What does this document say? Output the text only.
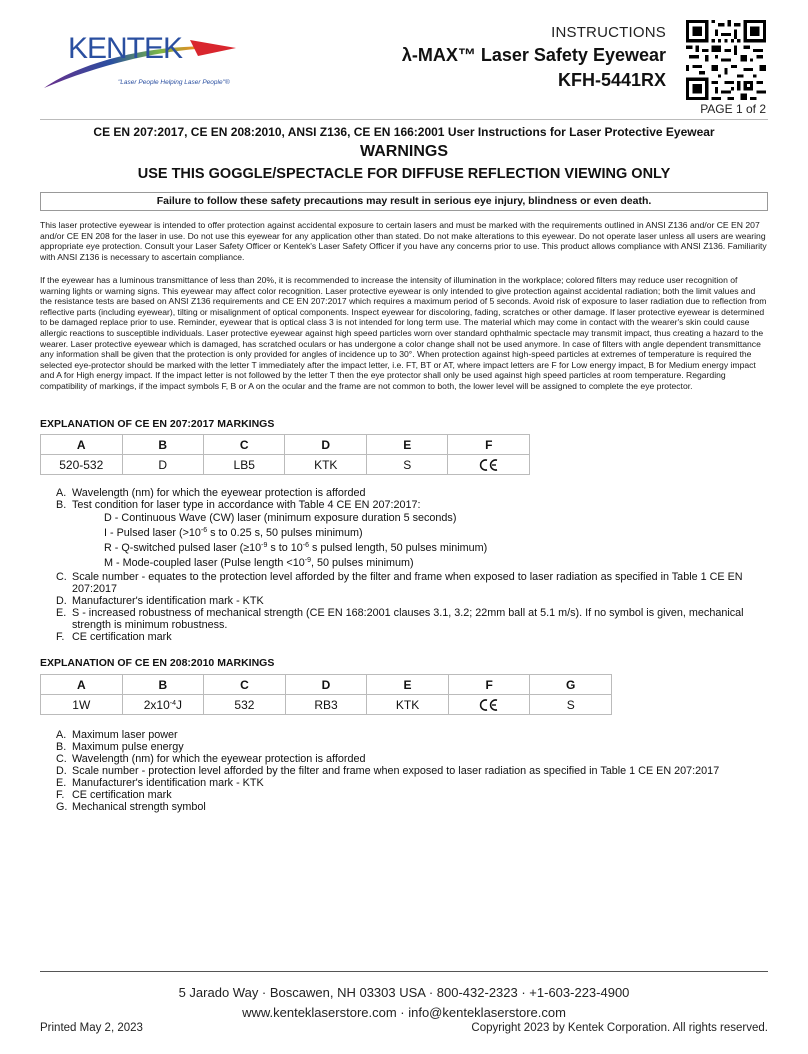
KENTEK
"Laser People Helping Laser People"®
INSTRUCTIONS
λ-MAX™ Laser Safety Eyewear
KFH-5441RX
PAGE 1 of 2
CE EN 207:2017, CE EN 208:2010, ANSI Z136, CE EN 166:2001 User Instructions for Laser Protective Eyewear
WARNINGS
USE THIS GOGGLE/SPECTACLE FOR DIFFUSE REFLECTION VIEWING ONLY
Failure to follow these safety precautions may result in serious eye injury, blindness or even death.
This laser protective eyewear is intended to offer protection against accidental exposure to certain lasers and must be marked with the requirements outlined in ANSI Z136 and/or CE EN 207 and/or CE EN 208 for the laser in use. Do not use this eyewear for any application other than stated. Do not make alterations to this eyewear. Do not operate laser unless all users are wearing appropriate eye protection. Consult your Laser Safety Officer or Kentek's Laser Safety Officer if you have any concerns prior to use. This product allows compliance with ANSI Z136. Familiarity with ANSI Z136 is necessary to ascertain compliance.
If the eyewear has a luminous transmittance of less than 20%, it is recommended to increase the intensity of illumination in the workplace; colored filters may reduce user recognition of warning lights or warning signs. This eyewear may affect color recognition. Laser protective eyewear is only intended to give protection against accidental radiation; both the limit values and the resistance tests are based on ANSI Z136 requirements and CE EN 207:2017 which requires a maximum period of 5 seconds. Avoid risk of exposure to laser radiation due to reflection from reflective parts (including eyewear), tilting or misalignment of optical components. Inspect eyewear for discoloring, fading, scratches or other damage. If laser protective eyewear is determined to be damaged replace prior to use. Reminder, eyewear that is optical class 3 is not intended for long term use. The material which may come in contact with the wearer's skin could cause allergic reactions to susceptible individuals. Laser protective eyewear against high speed particles worn over standard ophthalmic spectacle may transmit impact, thus creating a hazard to the wearer. Laser protective eyewear which is damaged, has scratched oculars or has undergone a color change shall not be used anymore. In case of filters with angle dependent transmittance any information shall be given that the protection is only provided for angles of incidence up to 30°. When protection against high-speed particles at extremes of temperature is required the selected eye-protector should be marked with the letter T immediately after the impact letter, i.e. FT, BT or AT, where impact letters are F for Low energy impact, B for Medium energy impact and A for High energy impact. If the impact letter is not followed by the letter T then the eye protector shall only be used against high speed particles at room temperature. Regarding compatibility of markings, if the impact symbols F, B or A on the ocular and the frame are not common to both, the lower level will be assigned to complete the eye protector.
EXPLANATION OF CE EN 207:2017 MARKINGS
A	B	C	D	E	F
520-532	D	LB5	KTK	S	
A. Wavelength (nm) for which the eyewear protection is afforded
B. Test condition for laser type in accordance with Table 4 CE EN 207:2017:
D - Continuous Wave (CW) laser (minimum exposure duration 5 seconds)
I - Pulsed laser ($>10^{-6}$ s to 0.25 s, 50 pulses minimum)
R - Q-switched pulsed laser ($\ge 10^{-9}$ s to $10^{-6}$ s pulsed length, 50 pulses minimum)
M - Mode-coupled laser (Pulse length $<10^{-9}$, 50 pulses minimum)
C. Scale number - equates to the protection level afforded by the filter and frame when exposed to laser radiation as specified in Table 1 CE EN 207:2017
D. Manufacturer's identification mark - KTK
E. S - increased robustness of mechanical strength (CE EN 168:2001 clauses 3.1, 3.2; 22mm ball at 5.1 m/s). If no symbol is given, mechanical strength is minimum robustness.
F. CE certification mark
EXPLANATION OF CE EN 208:2010 MARKINGS
A	B	C	D	E	F	G
1W	$2x10^{-4}J$	532	RB3	KTK		S
A. Maximum laser power
B. Maximum pulse energy
C. Wavelength (nm) for which the eyewear protection is afforded
D. Scale number - protection level afforded by the filter and frame when exposed to laser radiation as specified in Table 1 CE EN 207:2017
E. Manufacturer's identification mark - KTK
F. CE certification mark
G. Mechanical strength symbol
5 Jarado Way · Boscawen, NH 03303 USA · 800-432-2323 · +1-603-223-4900
www.kenteklaserstore.com · info@kenteklaserstore.com
Printed May 2, 2023	Copyright 2023 by Kentek Corporation. All rights reserved.
